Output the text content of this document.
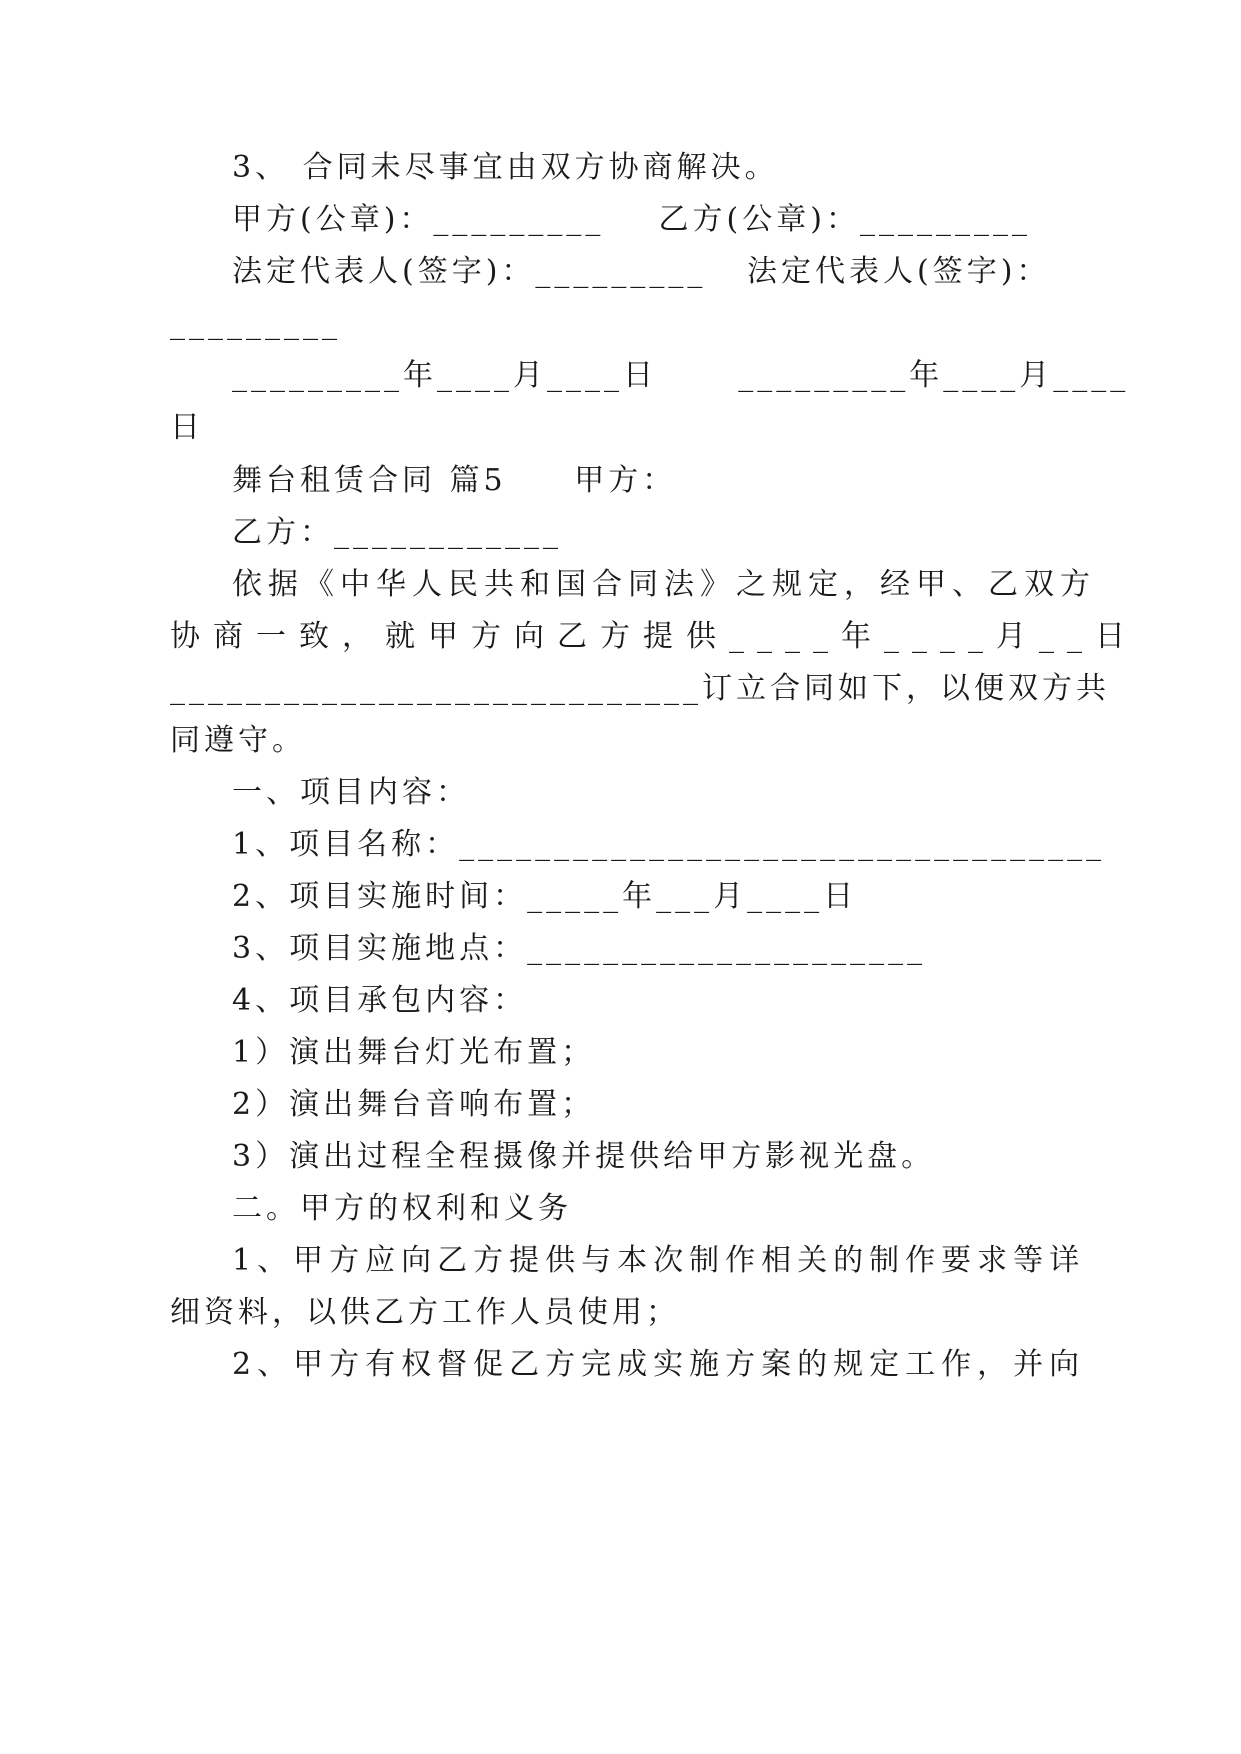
3、 合同未尽事宜由双方协商解决。
甲方(公章)：_________    乙方(公章)：_________
法定代表人(签字)：_________   法定代表人(签字)：
_________
_________年____月____日      _________年____月____
日
舞台租赁合同 篇5     甲方：
乙方：____________
依据《中华人民共和国合同法》之规定，经甲、乙双方
协商一致，就甲方向乙方提供____年____月__日
____________________________订立合同如下，以便双方共
同遵守。
一、项目内容：
1、项目名称：__________________________________
2、项目实施时间：_____年___月____日
3、项目实施地点：_____________________
4、项目承包内容：
1）演出舞台灯光布置；
2）演出舞台音响布置；
3）演出过程全程摄像并提供给甲方影视光盘。
二。甲方的权利和义务
1、甲方应向乙方提供与本次制作相关的制作要求等详
细资料，以供乙方工作人员使用；
2、甲方有权督促乙方完成实施方案的规定工作，并向
